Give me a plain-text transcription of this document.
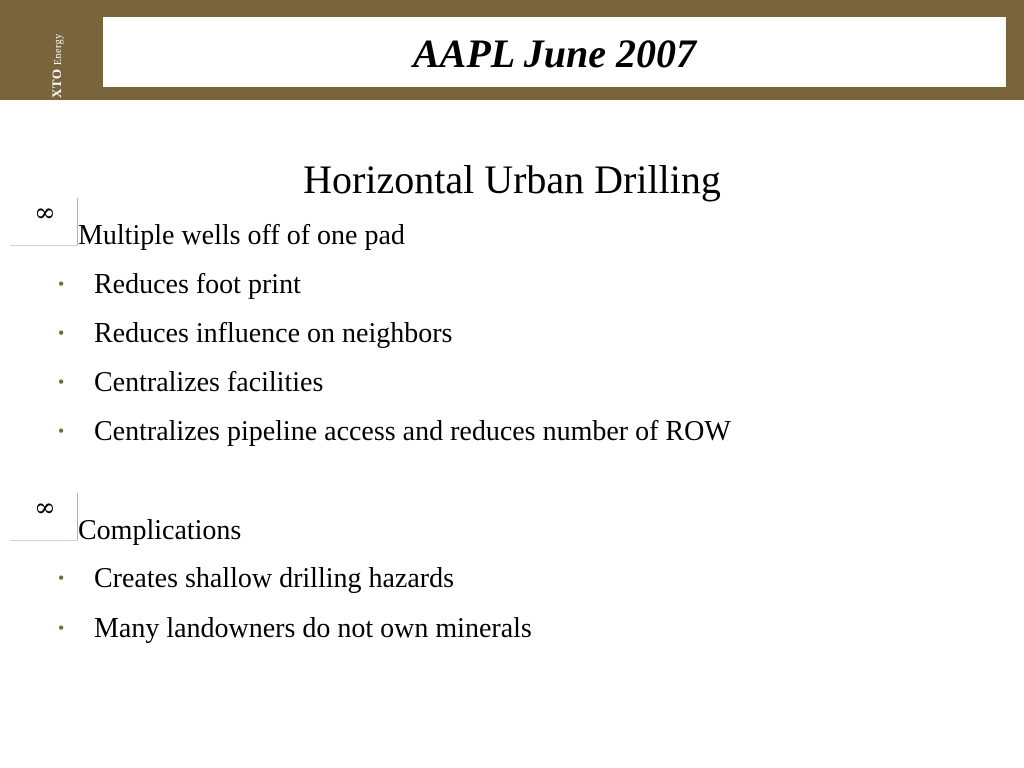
XTO Energy	AAPL June 2007
Horizontal Urban Drilling
∞
Multiple wells off of one pad
• Reduces foot print
• Reduces influence on neighbors
• Centralizes facilities
• Centralizes pipeline access and reduces number of ROW
∞
Complications
• Creates shallow drilling hazards
• Many landowners do not own minerals
